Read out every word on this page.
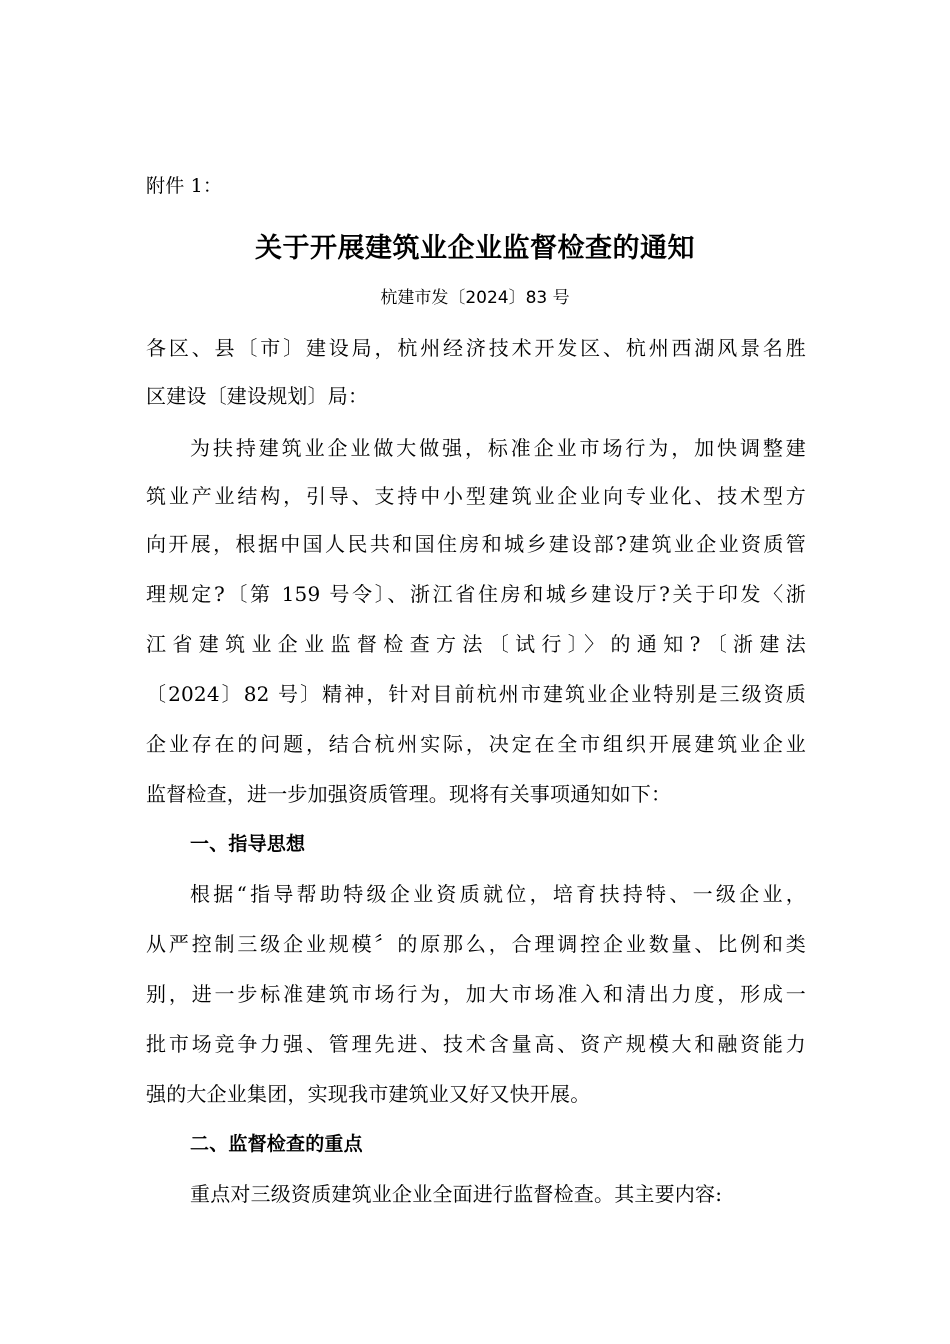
附件 1：
关于开展建筑业企业监督检查的通知
杭建市发〔2024〕83 号
各区、县〔市〕建设局，杭州经济技术开发区、杭州西湖风景名胜
区建设〔建设规划〕局：
为扶持建筑业企业做大做强，标准企业市场行为，加快调整建
筑业产业结构，引导、支持中小型建筑业企业向专业化、技术型方
向开展，根据中国人民共和国住房和城乡建设部?建筑业企业资质管
理规定?〔第 159 号令〕、浙江省住房和城乡建设厅?关于印发〈浙
江省建筑业企业监督检查方法〔试行〕〉的通知?〔浙建法
〔2024〕82 号〕精神，针对目前杭州市建筑业企业特别是三级资质
企业存在的问题，结合杭州实际，决定在全市组织开展建筑业企业
监督检查，进一步加强资质管理。现将有关事项通知如下：
一、指导思想
根据“指导帮助特级企业资质就位，培育扶持特、一级企业，
从严控制三级企业规模〞的原那么，合理调控企业数量、比例和类
别，进一步标准建筑市场行为，加大市场准入和清出力度，形成一
批市场竞争力强、管理先进、技术含量高、资产规模大和融资能力
强的大企业集团，实现我市建筑业又好又快开展。
二、监督检查的重点
重点对三级资质建筑业企业全面进行监督检查。其主要内容:
